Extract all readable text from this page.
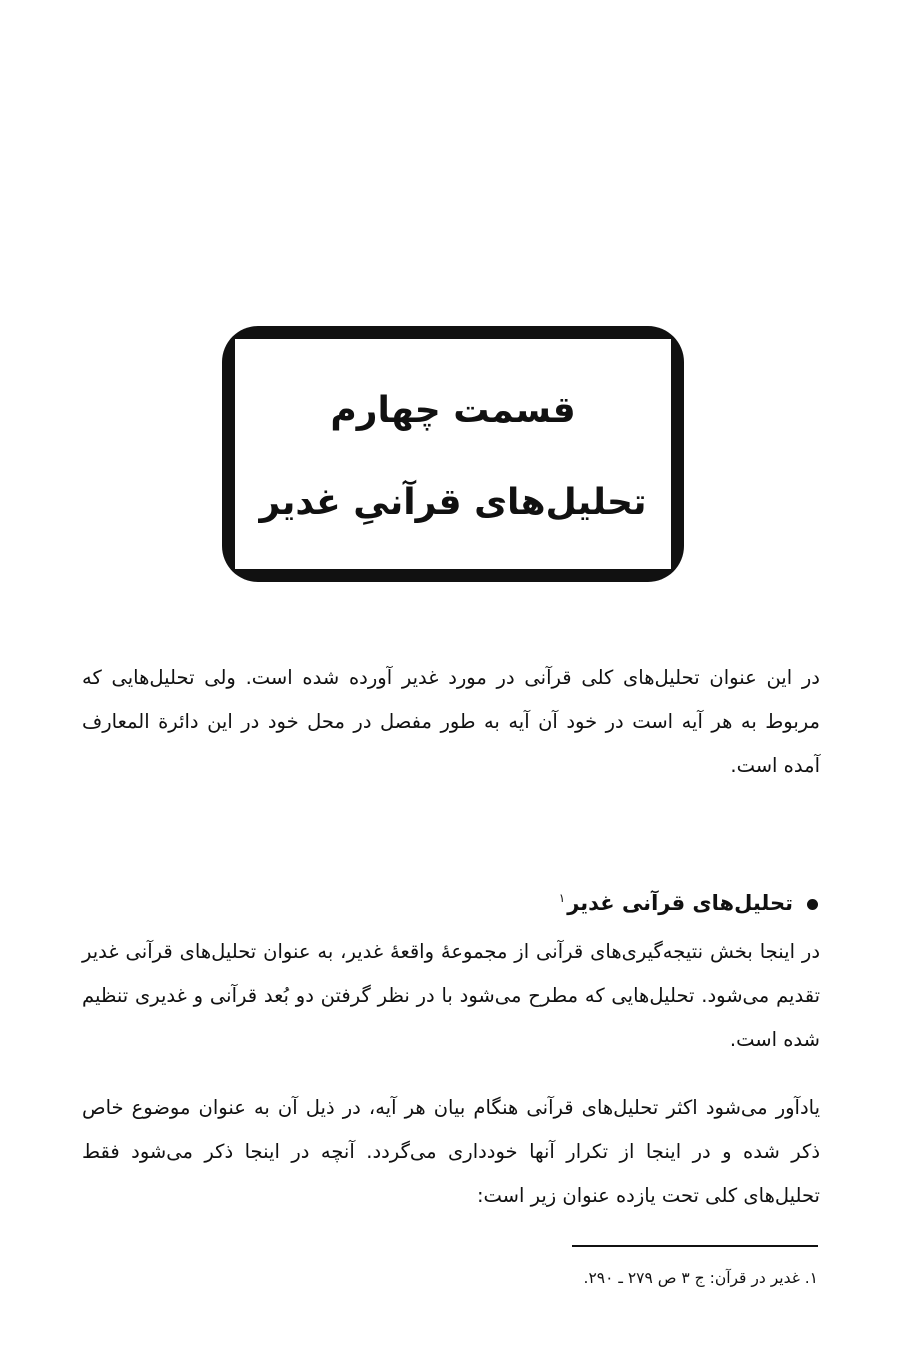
قسمت چهارم
تحلیل‌های قرآنیِ غدیر

در این عنوان تحلیل‌های کلی قرآنی در مورد غدیر آورده شده است. ولی تحلیل‌هایی که مربوط به هر آیه است در خود آن آیه به طور مفصل در محل خود در این دائرة المعارف آمده است.

تحلیل‌های قرآنی غدیر$^۱$

در اینجا بخش نتیجه‌گیری‌های قرآنی از مجموعهٔ واقعهٔ غدیر، به عنوان تحلیل‌های قرآنی غدیر تقدیم می‌شود. تحلیل‌هایی که مطرح می‌شود با در نظر گرفتن دو بُعد قرآنی و غدیری تنظیم شده است.

یادآور می‌شود اکثر تحلیل‌های قرآنی هنگام بیان هر آیه، در ذیل آن به عنوان موضوع خاص ذکر شده و در اینجا از تکرار آنها خودداری می‌گردد. آنچه در اینجا ذکر می‌شود فقط تحلیل‌های کلی تحت یازده عنوان زیر است:

۱. غدیر در قرآن: ج ۳ ص ۲۷۹ ـ ۲۹۰.
